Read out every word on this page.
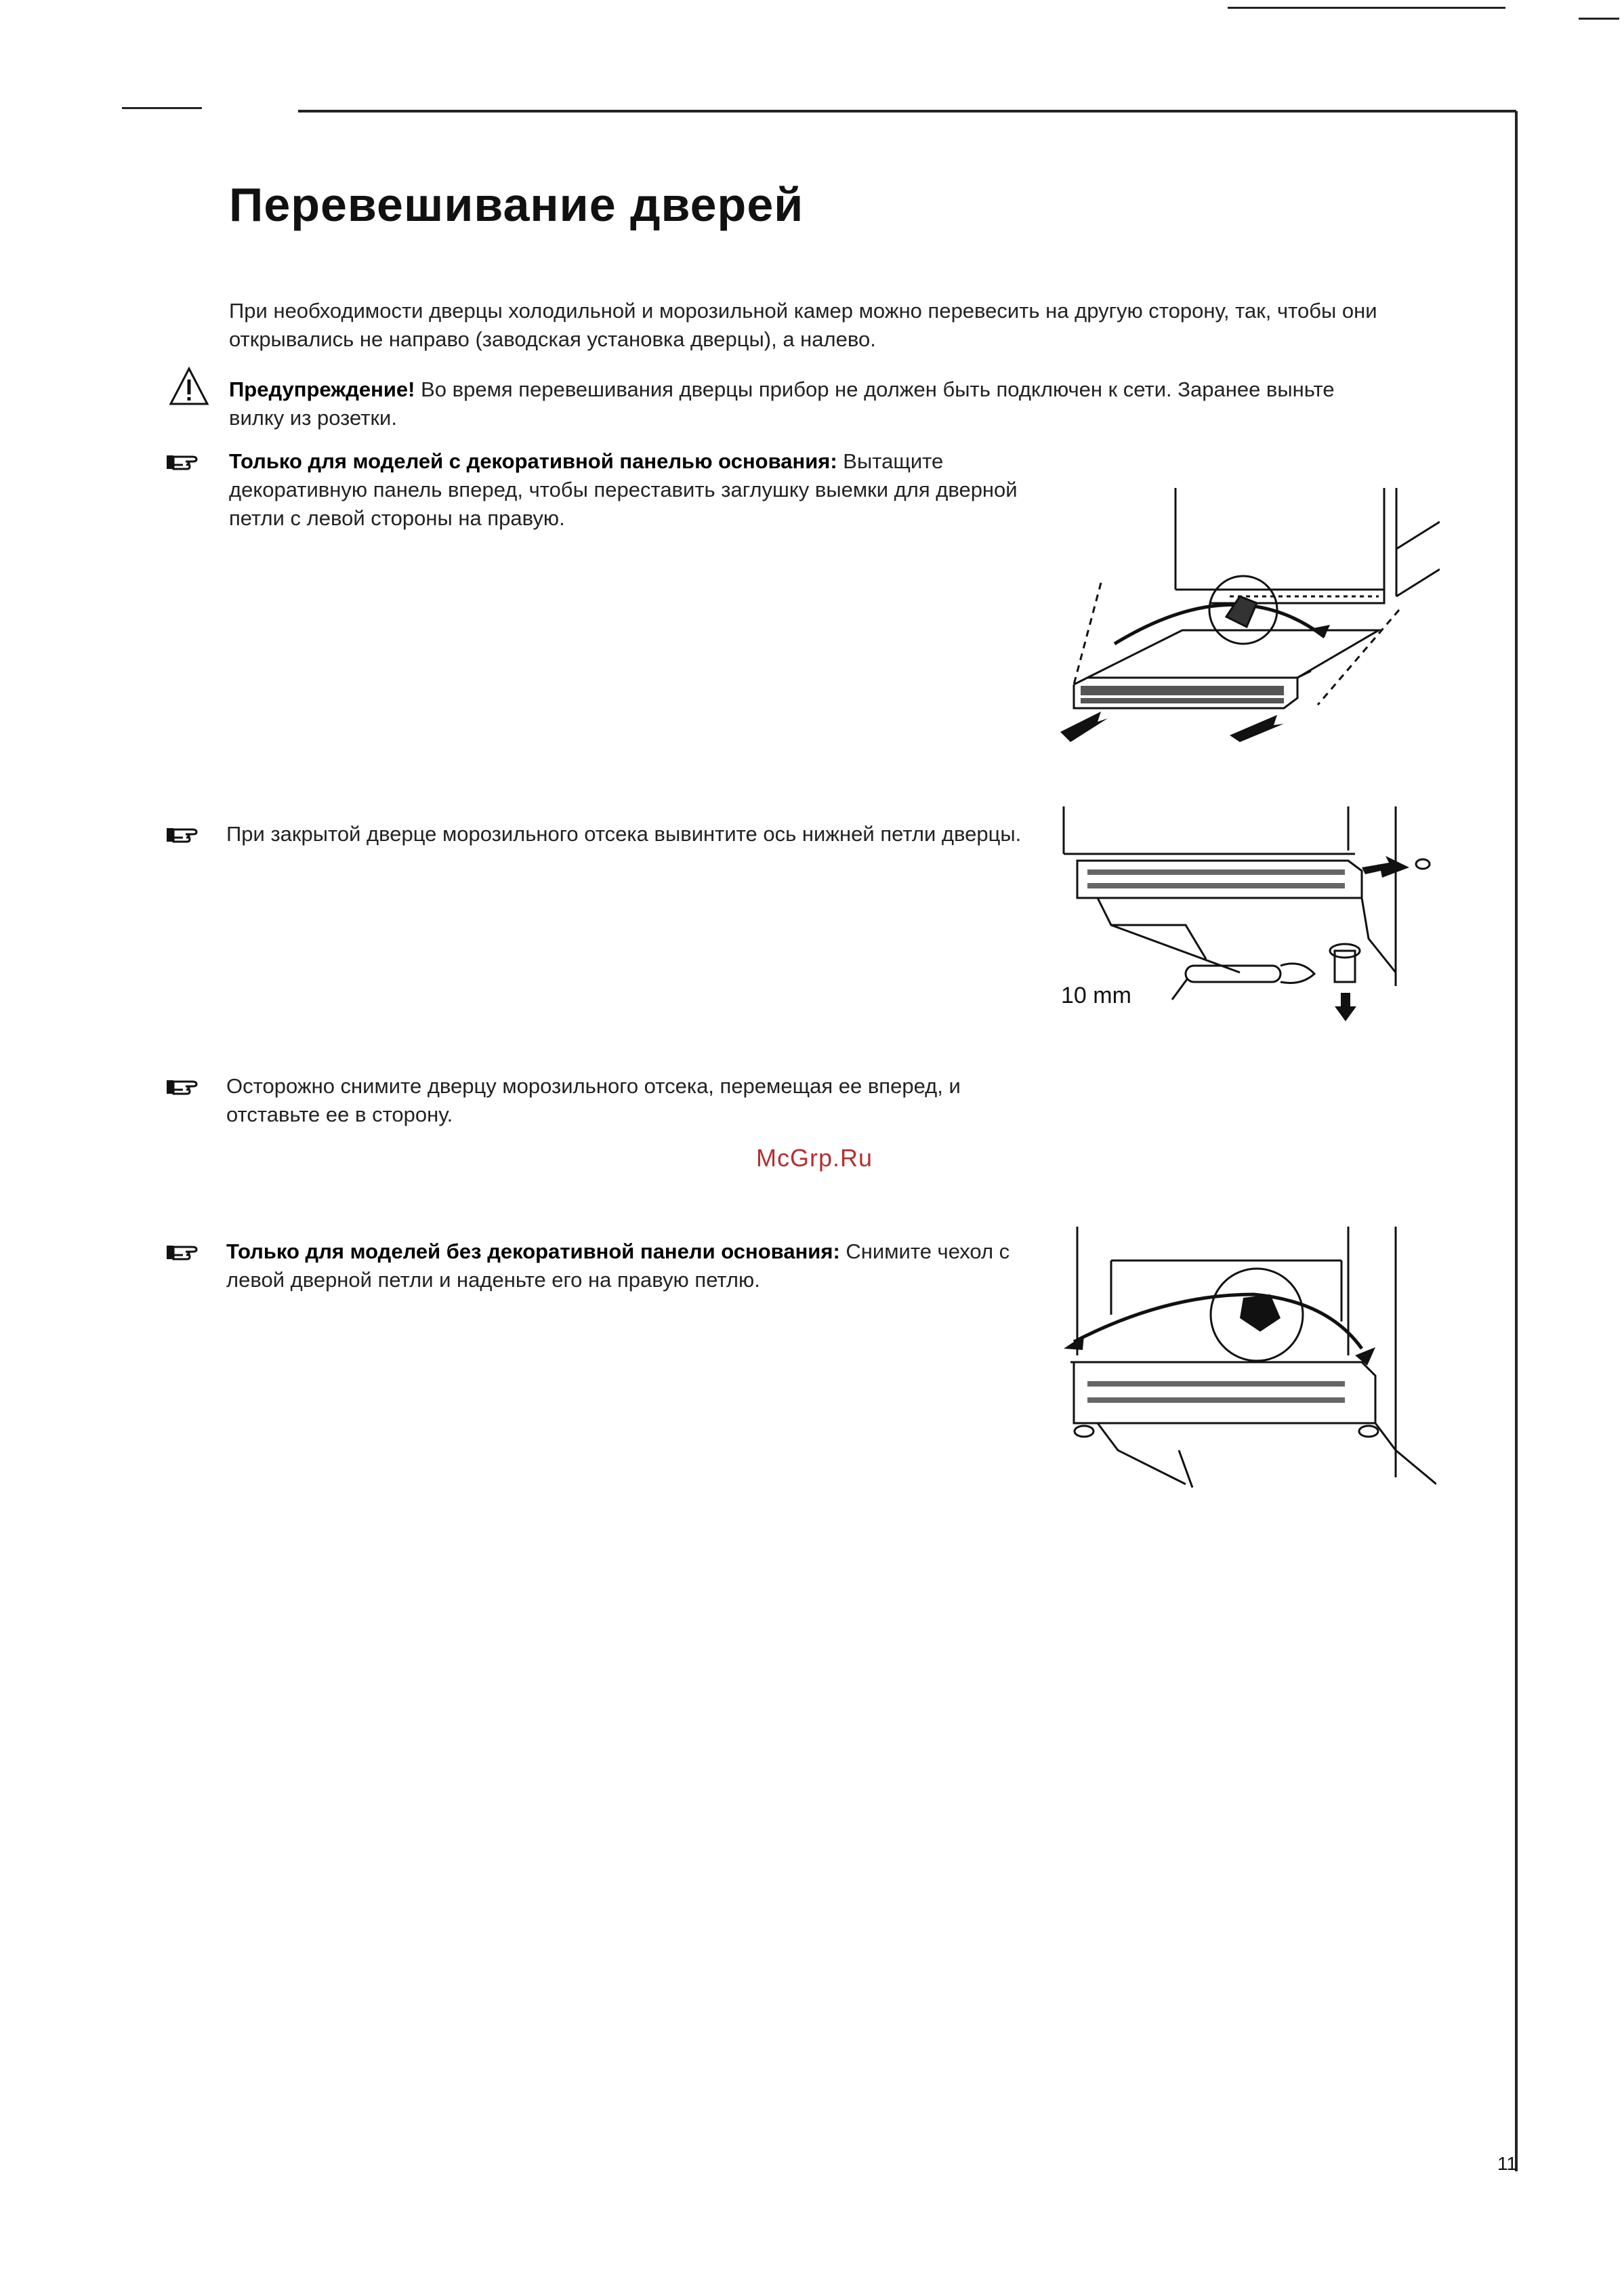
Перевешивание дверей
При необходимости дверцы холодильной и морозильной камер можно перевесить на другую сторону, так, чтобы они открывались не направо (заводская установка дверцы), а налево.
Предупреждение! Во время перевешивания дверцы прибор не должен быть подключен к сети. Заранее выньте вилку из розетки.
Только для моделей с декоративной панелью основания: Вытащите декоративную панель вперед, чтобы переставить заглушку выемки для дверной петли с левой стороны на правую.
При закрытой дверце морозильного отсека вывинтите ось нижней петли дверцы.
10 mm
Осторожно снимите дверцу морозильного отсека, перемещая ее вперед, и отставьте ее в сторону.
McGrp.Ru
Только для моделей без декоративной панели основания: Снимите чехол с левой дверной петли и наденьте его на правую петлю.
11
